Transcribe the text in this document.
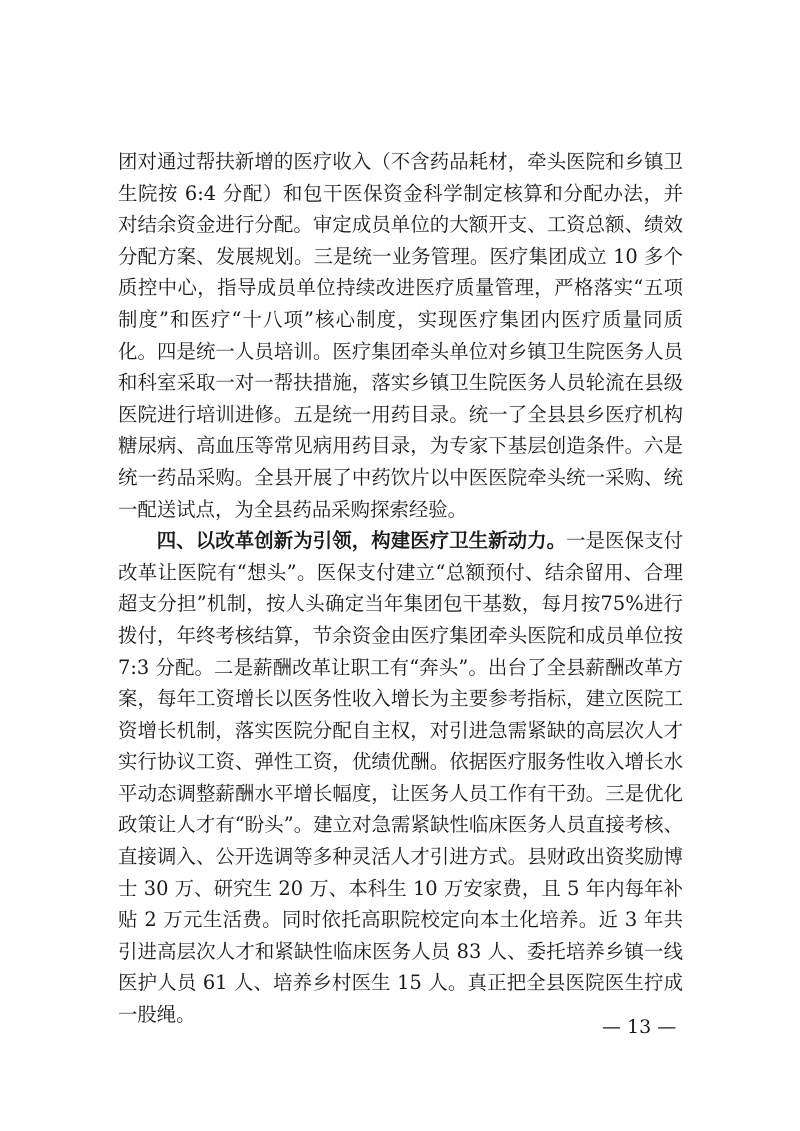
团对通过帮扶新增的医疗收入（不含药品耗材，牵头医院和乡镇卫生院按 6:4 分配）和包干医保资金科学制定核算和分配办法，并对结余资金进行分配。审定成员单位的大额开支、工资总额、绩效分配方案、发展规划。三是统一业务管理。医疗集团成立 10 多个质控中心，指导成员单位持续改进医疗质量管理，严格落实“五项制度”和医疗“十八项”核心制度，实现医疗集团内医疗质量同质化。四是统一人员培训。医疗集团牵头单位对乡镇卫生院医务人员和科室采取一对一帮扶措施，落实乡镇卫生院医务人员轮流在县级医院进行培训进修。五是统一用药目录。统一了全县县乡医疗机构糖尿病、高血压等常见病用药目录，为专家下基层创造条件。六是统一药品采购。全县开展了中药饮片以中医医院牵头统一采购、统一配送试点，为全县药品采购探索经验。

四、以改革创新为引领，构建医疗卫生新动力。一是医保支付改革让医院有“想头”。医保支付建立“总额预付、结余留用、合理超支分担”机制，按人头确定当年集团包干基数，每月按75%进行拨付，年终考核结算，节余资金由医疗集团牵头医院和成员单位按 7:3 分配。二是薪酬改革让职工有“奔头”。出台了全县薪酬改革方案，每年工资增长以医务性收入增长为主要参考指标，建立医院工资增长机制，落实医院分配自主权，对引进急需紧缺的高层次人才实行协议工资、弹性工资，优绩优酬。依据医疗服务性收入增长水平动态调整薪酬水平增长幅度，让医务人员工作有干劲。三是优化政策让人才有“盼头”。建立对急需紧缺性临床医务人员直接考核、直接调入、公开选调等多种灵活人才引进方式。县财政出资奖励博士 30 万、研究生 20 万、本科生 10 万安家费，且 5 年内每年补贴 2 万元生活费。同时依托高职院校定向本土化培养。近 3 年共引进高层次人才和紧缺性临床医务人员 83 人、委托培养乡镇一线医护人员 61 人、培养乡村医生 15 人。真正把全县医院医生拧成一股绳。

— 13 —
